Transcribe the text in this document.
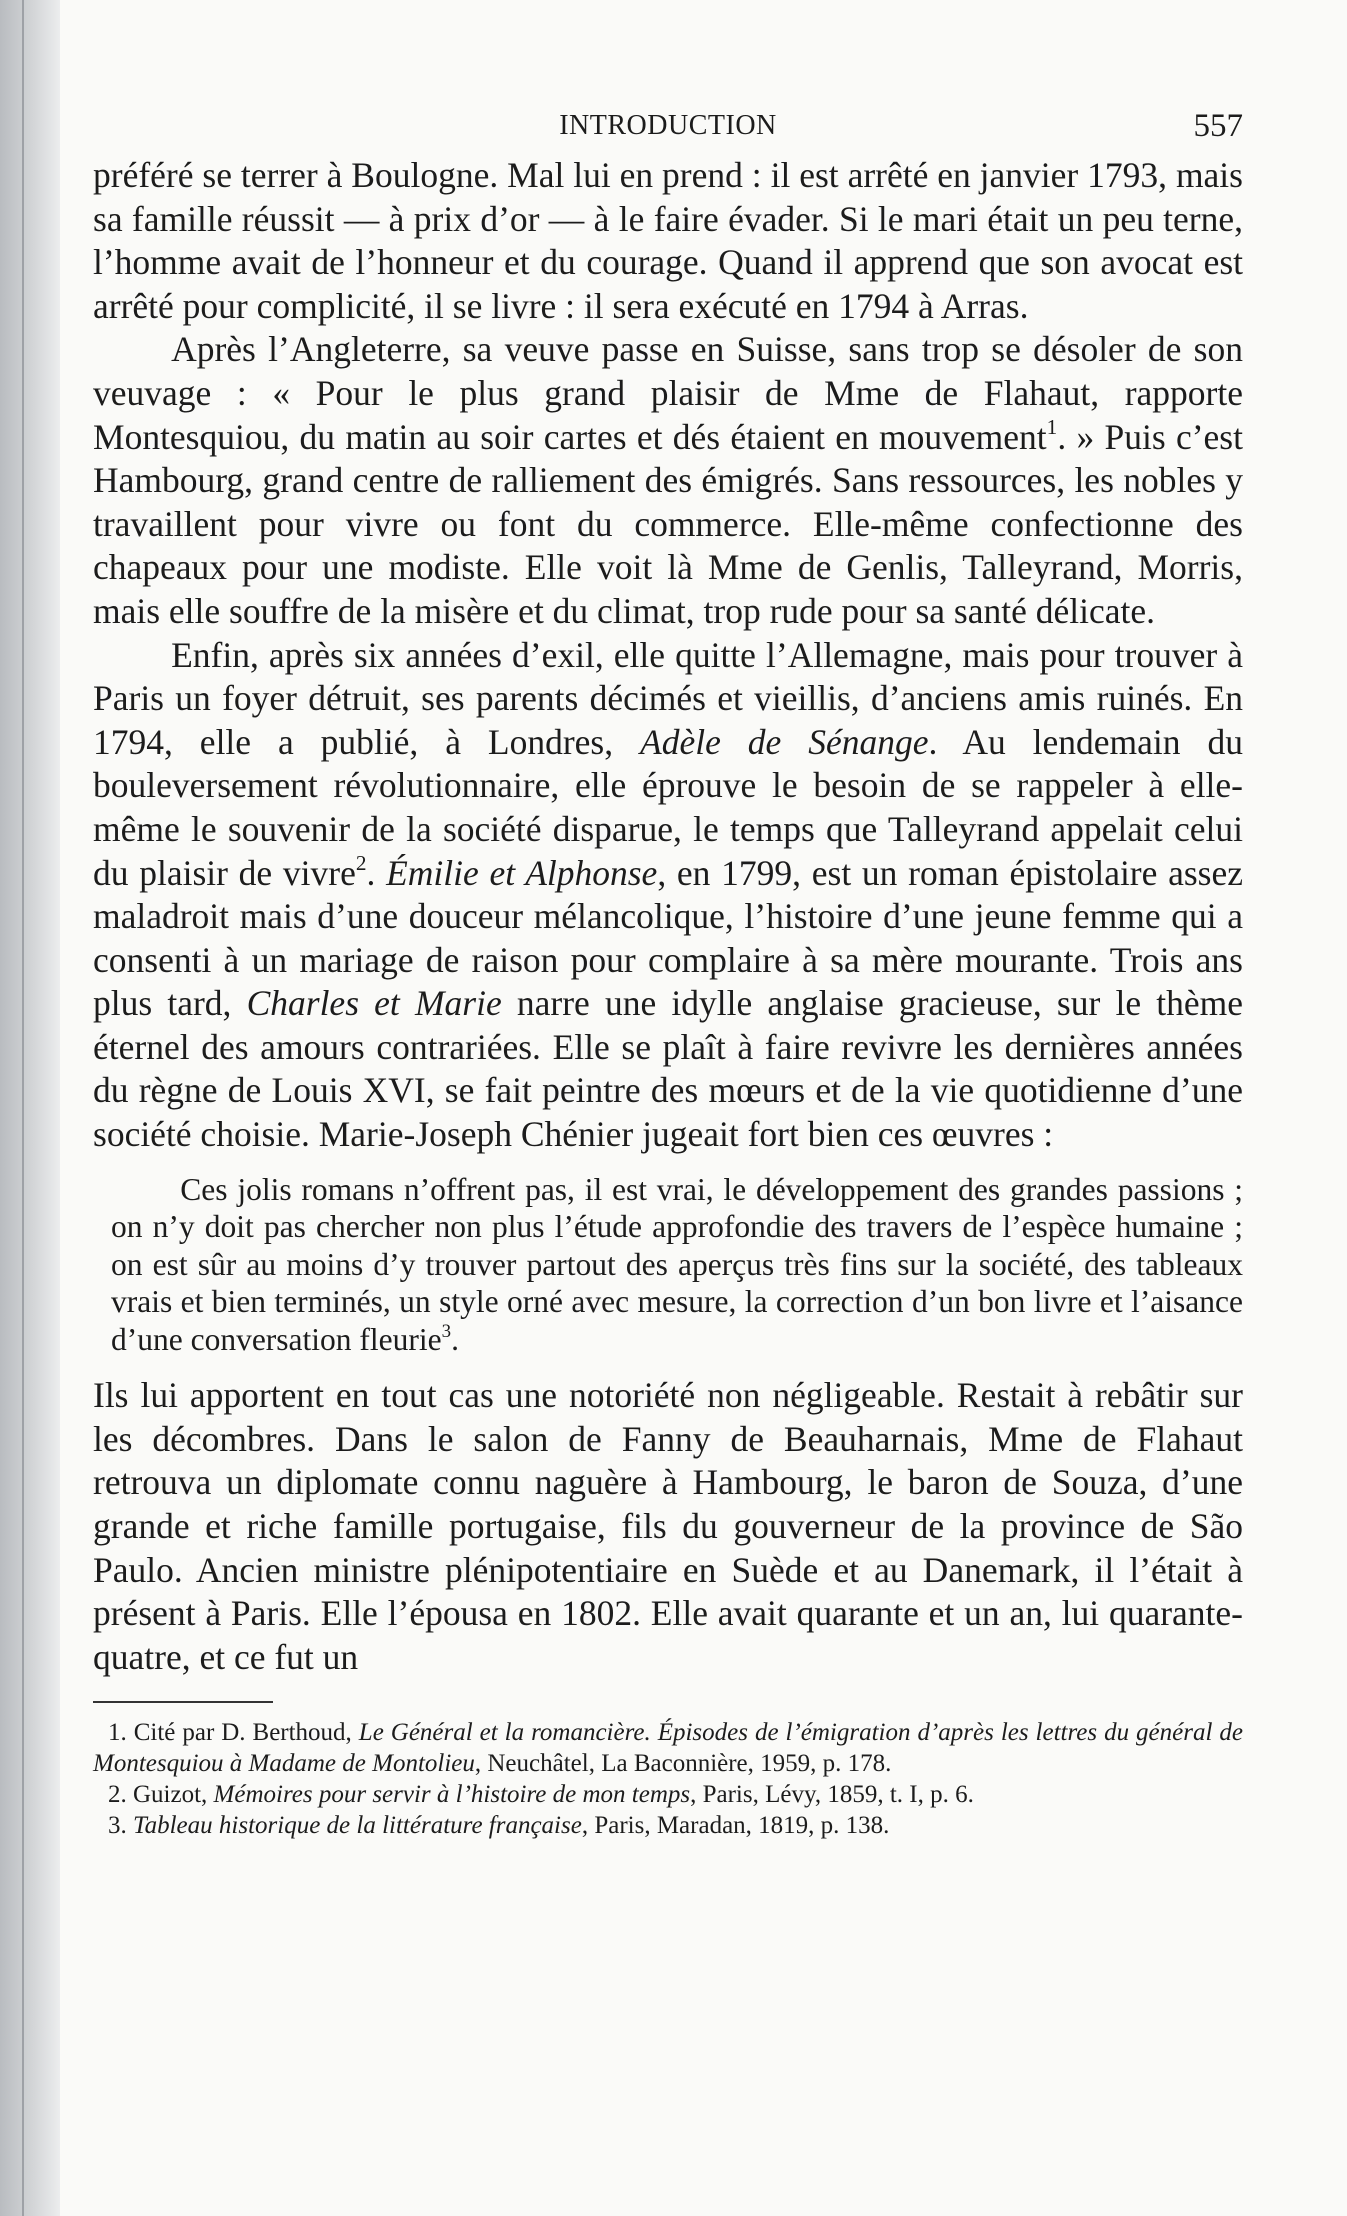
INTRODUCTION	557

préféré se terrer à Boulogne. Mal lui en prend : il est arrêté en janvier 1793, mais sa famille réussit — à prix d’or — à le faire évader. Si le mari était un peu terne, l’homme avait de l’honneur et du courage. Quand il apprend que son avocat est arrêté pour complicité, il se livre : il sera exécuté en 1794 à Arras.

Après l’Angleterre, sa veuve passe en Suisse, sans trop se désoler de son veuvage : « Pour le plus grand plaisir de Mme de Flahaut, rapporte Montesquiou, du matin au soir cartes et dés étaient en mouvement$^1$. » Puis c’est Hambourg, grand centre de ralliement des émigrés. Sans ressources, les nobles y travaillent pour vivre ou font du commerce. Elle-même confectionne des chapeaux pour une modiste. Elle voit là Mme de Genlis, Talleyrand, Morris, mais elle souffre de la misère et du climat, trop rude pour sa santé délicate.

Enfin, après six années d’exil, elle quitte l’Allemagne, mais pour trouver à Paris un foyer détruit, ses parents décimés et vieillis, d’anciens amis ruinés. En 1794, elle a publié, à Londres, Adèle de Sénange. Au lendemain du bouleversement révolutionnaire, elle éprouve le besoin de se rappeler à elle-même le souvenir de la société disparue, le temps que Talleyrand appelait celui du plaisir de vivre$^2$. Émilie et Alphonse, en 1799, est un roman épistolaire assez maladroit mais d’une douceur mélancolique, l’histoire d’une jeune femme qui a consenti à un mariage de raison pour complaire à sa mère mourante. Trois ans plus tard, Charles et Marie narre une idylle anglaise gracieuse, sur le thème éternel des amours contrariées. Elle se plaît à faire revivre les dernières années du règne de Louis XVI, se fait peintre des mœurs et de la vie quotidienne d’une société choisie. Marie-Joseph Chénier jugeait fort bien ces œuvres :

Ces jolis romans n’offrent pas, il est vrai, le développement des grandes passions ; on n’y doit pas chercher non plus l’étude approfondie des travers de l’espèce humaine ; on est sûr au moins d’y trouver partout des aperçus très fins sur la société, des tableaux vrais et bien terminés, un style orné avec mesure, la correction d’un bon livre et l’aisance d’une conversation fleurie$^3$.

Ils lui apportent en tout cas une notoriété non négligeable. Restait à rebâtir sur les décombres. Dans le salon de Fanny de Beauharnais, Mme de Flahaut retrouva un diplomate connu naguère à Hambourg, le baron de Souza, d’une grande et riche famille portugaise, fils du gouverneur de la province de São Paulo. Ancien ministre plénipotentiaire en Suède et au Danemark, il l’était à présent à Paris. Elle l’épousa en 1802. Elle avait quarante et un an, lui quarante-quatre, et ce fut un

1. Cité par D. Berthoud, Le Général et la romancière. Épisodes de l’émigration d’après les lettres du général de Montesquiou à Madame de Montolieu, Neuchâtel, La Baconnière, 1959, p. 178.

2. Guizot, Mémoires pour servir à l’histoire de mon temps, Paris, Lévy, 1859, t. I, p. 6.

3. Tableau historique de la littérature française, Paris, Maradan, 1819, p. 138.
